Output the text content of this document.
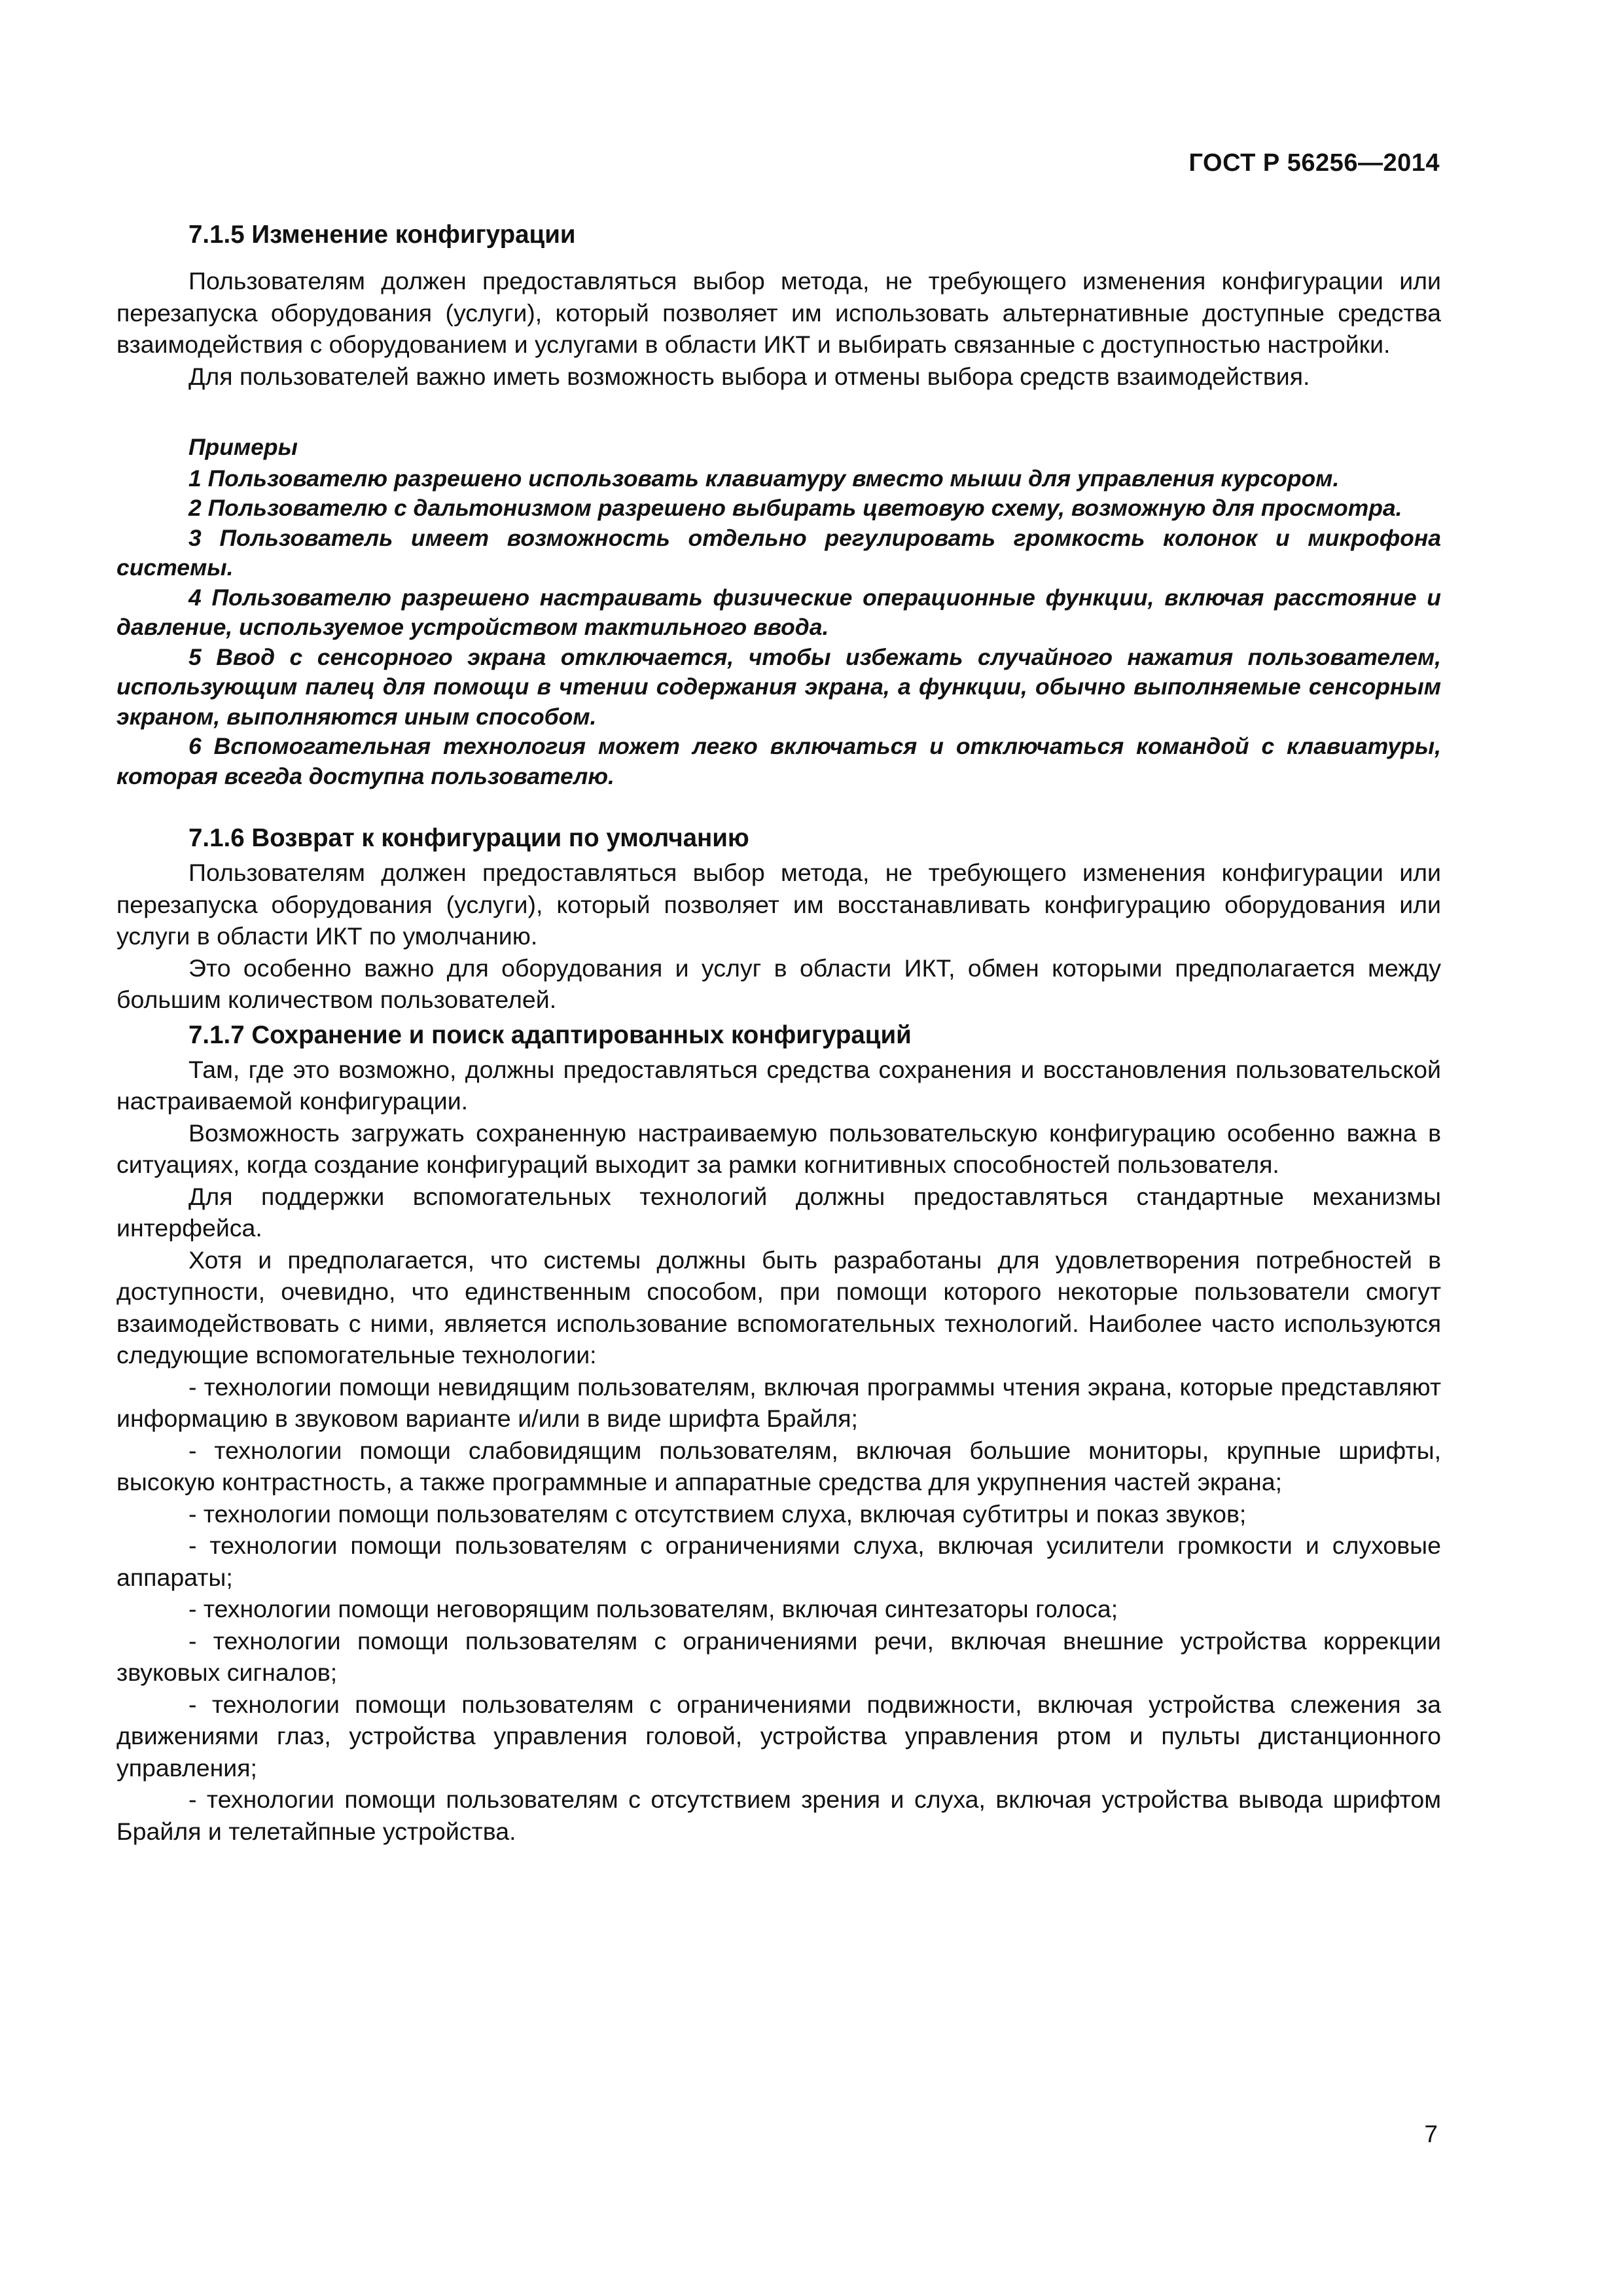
ГОСТ Р 56256—2014
7.1.5 Изменение конфигурации

Пользователям должен предоставляться выбор метода, не требующего изменения конфигурации или перезапуска оборудования (услуги), который позволяет им использовать альтернативные доступные средства взаимодействия с оборудованием и услугами в области ИКТ и выбирать связанные с доступностью настройки.

Для пользователей важно иметь возможность выбора и отмены выбора средств взаимодействия.

Примеры

1 Пользователю разрешено использовать клавиатуру вместо мыши для управления курсором.

2 Пользователю с дальтонизмом разрешено выбирать цветовую схему, возможную для просмотра.

3 Пользователь имеет возможность отдельно регулировать громкость колонок и микрофона системы.

4 Пользователю разрешено настраивать физические операционные функции, включая расстояние и давление, используемое устройством тактильного ввода.

5 Ввод с сенсорного экрана отключается, чтобы избежать случайного нажатия пользователем, использующим палец для помощи в чтении содержания экрана, а функции, обычно выполняемые сенсорным экраном, выполняются иным способом.

6 Вспомогательная технология может легко включаться и отключаться командой с клавиатуры, которая всегда доступна пользователю.

7.1.6 Возврат к конфигурации по умолчанию

Пользователям должен предоставляться выбор метода, не требующего изменения конфигурации или перезапуска оборудования (услуги), который позволяет им восстанавливать конфигурацию оборудования или услуги в области ИКТ по умолчанию.

Это особенно важно для оборудования и услуг в области ИКТ, обмен которыми предполагается между большим количеством пользователей.

7.1.7 Сохранение и поиск адаптированных конфигураций

Там, где это возможно, должны предоставляться средства сохранения и восстановления пользовательской настраиваемой конфигурации.

Возможность загружать сохраненную настраиваемую пользовательскую конфигурацию особенно важна в ситуациях, когда создание конфигураций выходит за рамки когнитивных способностей пользователя.

Для поддержки вспомогательных технологий должны предоставляться стандартные механизмы интерфейса.

Хотя и предполагается, что системы должны быть разработаны для удовлетворения потребностей в доступности, очевидно, что единственным способом, при помощи которого некоторые пользователи смогут взаимодействовать с ними, является использование вспомогательных технологий. Наиболее часто используются следующие вспомогательные технологии:

- технологии помощи невидящим пользователям, включая программы чтения экрана, которые представляют информацию в звуковом варианте и/или в виде шрифта Брайля;

- технологии помощи слабовидящим пользователям, включая большие мониторы, крупные шрифты, высокую контрастность, а также программные и аппаратные средства для укрупнения частей экрана;

- технологии помощи пользователям с отсутствием слуха, включая субтитры и показ звуков;

- технологии помощи пользователям с ограничениями слуха, включая усилители громкости и слуховые аппараты;

- технологии помощи неговорящим пользователям, включая синтезаторы голоса;

- технологии помощи пользователям с ограничениями речи, включая внешние устройства коррекции звуковых сигналов;

- технологии помощи пользователям с ограничениями подвижности, включая устройства слежения за движениями глаз, устройства управления головой, устройства управления ртом и пульты дистанционного управления;

- технологии помощи пользователям с отсутствием зрения и слуха, включая устройства вывода шрифтом Брайля и телетайпные устройства.

7
